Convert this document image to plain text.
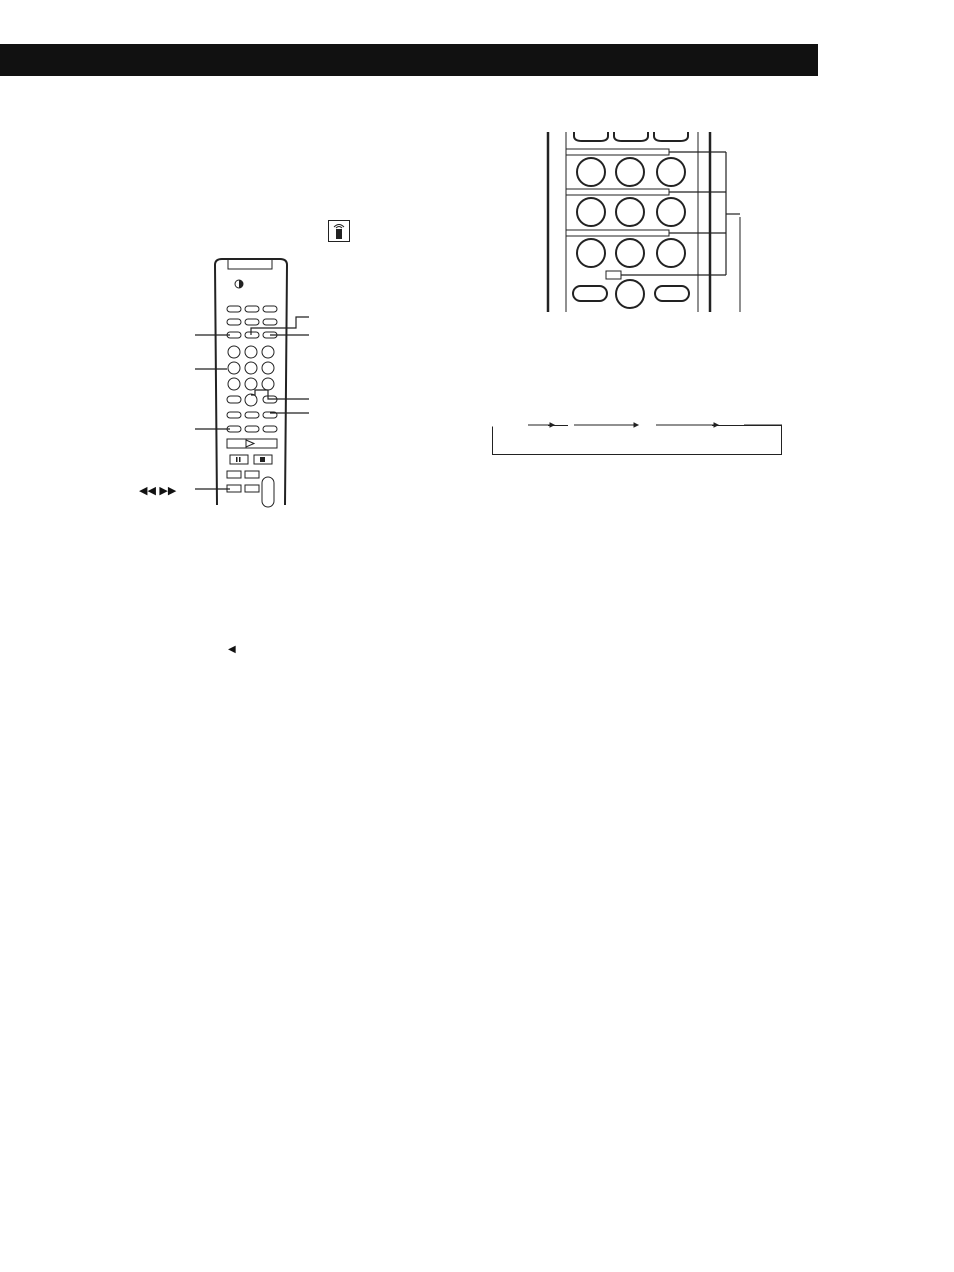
◀◀ ▶▶
◀
